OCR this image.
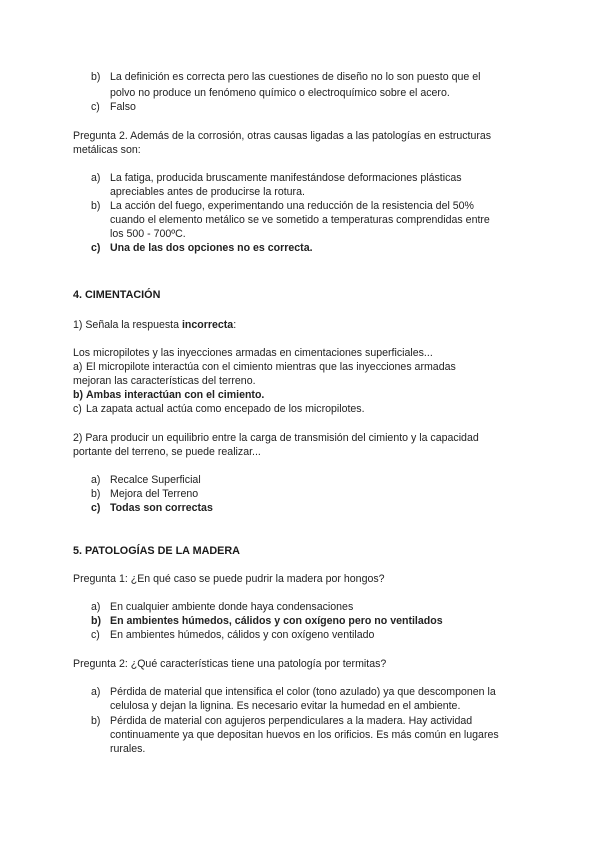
b) La definición es correcta pero las cuestiones de diseño no lo son puesto que el
polvo no produce un fenómeno químico o electroquímico sobre el acero.
c) Falso
Pregunta 2. Además de la corrosión, otras causas ligadas a las patologías en estructuras
metálicas son:
a) La fatiga, producida bruscamente manifestándose deformaciones plásticas
apreciables antes de producirse la rotura.
b) La acción del fuego, experimentando una reducción de la resistencia del 50%
cuando el elemento metálico se ve sometido a temperaturas comprendidas entre
los 500 - 700ºC.
c) Una de las dos opciones no es correcta.
4. CIMENTACIÓN
1) Señala la respuesta incorrecta:
Los micropilotes y las inyecciones armadas en cimentaciones superficiales...
a) El micropilote interactúa con el cimiento mientras que las inyecciones armadas
mejoran las características del terreno.
b) Ambas interactúan con el cimiento.
c) La zapata actual actúa como encepado de los micropilotes.
2) Para producir un equilibrio entre la carga de transmisión del cimiento y la capacidad
portante del terreno, se puede realizar...
a) Recalce Superficial
b) Mejora del Terreno
c) Todas son correctas
5. PATOLOGÍAS DE LA MADERA
Pregunta 1: ¿En qué caso se puede pudrir la madera por hongos?
a) En cualquier ambiente donde haya condensaciones
b) En ambientes húmedos, cálidos y con oxígeno pero no ventilados
c) En ambientes húmedos, cálidos y con oxígeno ventilado
Pregunta 2: ¿Qué características tiene una patología por termitas?
a) Pérdida de material que intensifica el color (tono azulado) ya que descomponen la
celulosa y dejan la lignina. Es necesario evitar la humedad en el ambiente.
b) Pérdida de material con agujeros perpendiculares a la madera. Hay actividad
continuamente ya que depositan huevos en los orificios. Es más común en lugares
rurales.
